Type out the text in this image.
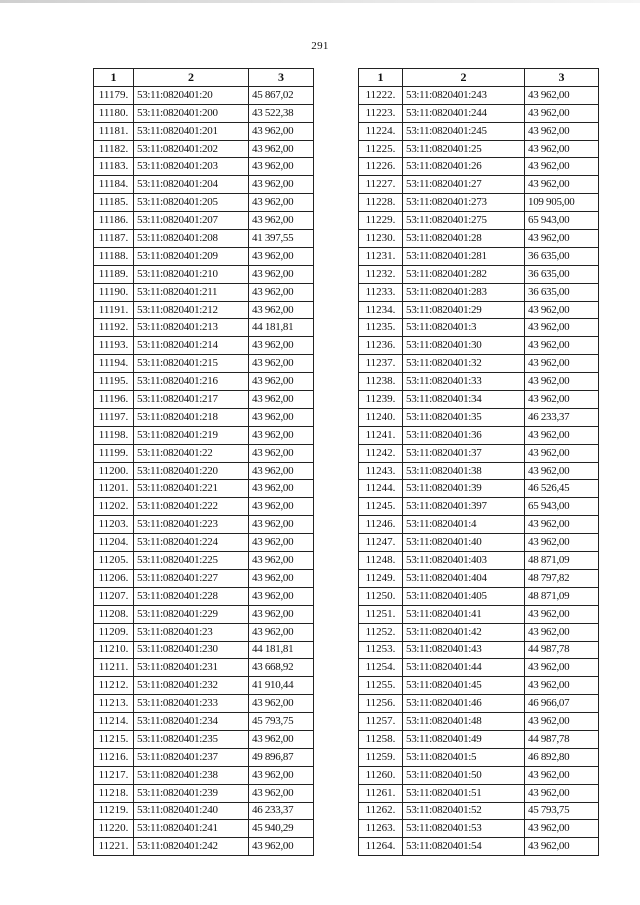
291
1	2	3
11179.	53:11:0820401:20	45 867,02
11180.	53:11:0820401:200	43 522,38
11181.	53:11:0820401:201	43 962,00
11182.	53:11:0820401:202	43 962,00
11183.	53:11:0820401:203	43 962,00
11184.	53:11:0820401:204	43 962,00
11185.	53:11:0820401:205	43 962,00
11186.	53:11:0820401:207	43 962,00
11187.	53:11:0820401:208	41 397,55
11188.	53:11:0820401:209	43 962,00
11189.	53:11:0820401:210	43 962,00
11190.	53:11:0820401:211	43 962,00
11191.	53:11:0820401:212	43 962,00
11192.	53:11:0820401:213	44 181,81
11193.	53:11:0820401:214	43 962,00
11194.	53:11:0820401:215	43 962,00
11195.	53:11:0820401:216	43 962,00
11196.	53:11:0820401:217	43 962,00
11197.	53:11:0820401:218	43 962,00
11198.	53:11:0820401:219	43 962,00
11199.	53:11:0820401:22	43 962,00
11200.	53:11:0820401:220	43 962,00
11201.	53:11:0820401:221	43 962,00
11202.	53:11:0820401:222	43 962,00
11203.	53:11:0820401:223	43 962,00
11204.	53:11:0820401:224	43 962,00
11205.	53:11:0820401:225	43 962,00
11206.	53:11:0820401:227	43 962,00
11207.	53:11:0820401:228	43 962,00
11208.	53:11:0820401:229	43 962,00
11209.	53:11:0820401:23	43 962,00
11210.	53:11:0820401:230	44 181,81
11211.	53:11:0820401:231	43 668,92
11212.	53:11:0820401:232	41 910,44
11213.	53:11:0820401:233	43 962,00
11214.	53:11:0820401:234	45 793,75
11215.	53:11:0820401:235	43 962,00
11216.	53:11:0820401:237	49 896,87
11217.	53:11:0820401:238	43 962,00
11218.	53:11:0820401:239	43 962,00
11219.	53:11:0820401:240	46 233,37
11220.	53:11:0820401:241	45 940,29
11221.	53:11:0820401:242	43 962,00
1	2	3
11222.	53:11:0820401:243	43 962,00
11223.	53:11:0820401:244	43 962,00
11224.	53:11:0820401:245	43 962,00
11225.	53:11:0820401:25	43 962,00
11226.	53:11:0820401:26	43 962,00
11227.	53:11:0820401:27	43 962,00
11228.	53:11:0820401:273	109 905,00
11229.	53:11:0820401:275	65 943,00
11230.	53:11:0820401:28	43 962,00
11231.	53:11:0820401:281	36 635,00
11232.	53:11:0820401:282	36 635,00
11233.	53:11:0820401:283	36 635,00
11234.	53:11:0820401:29	43 962,00
11235.	53:11:0820401:3	43 962,00
11236.	53:11:0820401:30	43 962,00
11237.	53:11:0820401:32	43 962,00
11238.	53:11:0820401:33	43 962,00
11239.	53:11:0820401:34	43 962,00
11240.	53:11:0820401:35	46 233,37
11241.	53:11:0820401:36	43 962,00
11242.	53:11:0820401:37	43 962,00
11243.	53:11:0820401:38	43 962,00
11244.	53:11:0820401:39	46 526,45
11245.	53:11:0820401:397	65 943,00
11246.	53:11:0820401:4	43 962,00
11247.	53:11:0820401:40	43 962,00
11248.	53:11:0820401:403	48 871,09
11249.	53:11:0820401:404	48 797,82
11250.	53:11:0820401:405	48 871,09
11251.	53:11:0820401:41	43 962,00
11252.	53:11:0820401:42	43 962,00
11253.	53:11:0820401:43	44 987,78
11254.	53:11:0820401:44	43 962,00
11255.	53:11:0820401:45	43 962,00
11256.	53:11:0820401:46	46 966,07
11257.	53:11:0820401:48	43 962,00
11258.	53:11:0820401:49	44 987,78
11259.	53:11:0820401:5	46 892,80
11260.	53:11:0820401:50	43 962,00
11261.	53:11:0820401:51	43 962,00
11262.	53:11:0820401:52	45 793,75
11263.	53:11:0820401:53	43 962,00
11264.	53:11:0820401:54	43 962,00
